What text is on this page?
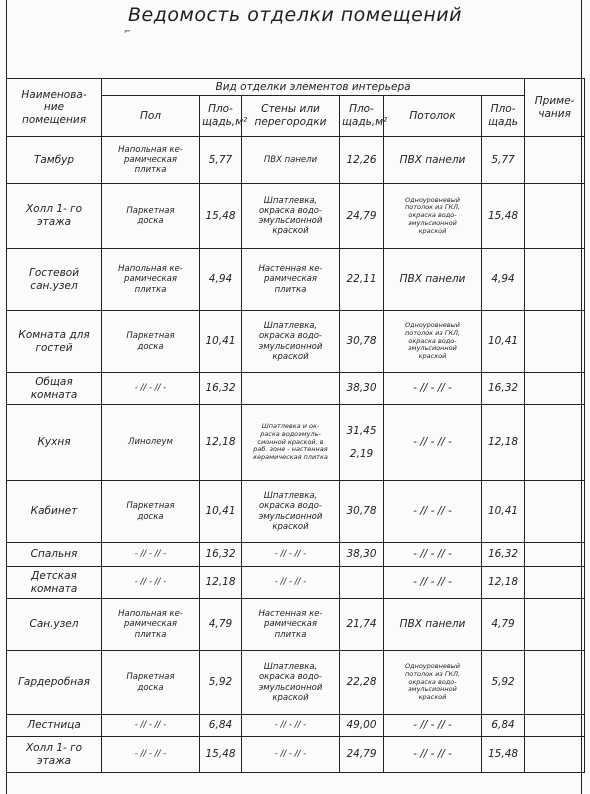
Ведомость отделки помещений
⌐
Наименова-
ние
помещения	Вид отделки элементов интерьера						Приме-
чания
	Пол	Пло-
щадь,м²	Стены или
перегородки	Пло-
щадь,м²	Потолок	Пло-
щадь	
Тамбур	Напольная ке-
рамическая
плитка	5,77	ПВХ панели	12,26	ПВХ панели	5,77	
Холл 1- го
этажа	Паркетная
доска	15,48	Шпатлевка,
окраска водо-
эмульсионной
краской	24,79	Одноуровневый
потолок из ГКЛ,
окраска водо-
эмульсионной
краской	15,48	
Гостевой
сан.узел	Напольная ке-
рамическая
плитка	4,94	Настенная ке-
рамическая
плитка	22,11	ПВХ панели	4,94	
Комната для
гостей	Паркетная
доска	10,41	Шпатлевка,
окраска водо-
эмульсионной
краской	30,78	Одноуровневый
потолок из ГКЛ,
окраска водо-
эмульсионной
краской	10,41	
Общая
комната	- // - // -	16,32		38,30	- // - // -	16,32	
Кухня	Линолеум	12,18	Шпатлевка и ок-
раска водоэмуль-
сионной краской, в
раб. зоне - настенная
керамическая плитка	31,45
2,19	- // - // -	12,18	
Кабинет	Паркетная
доска	10,41	Шпатлевка,
окраска водо-
эмульсионной
краской	30,78	- // - // -	10,41	
Спальня	- // - // -	16,32	- // - // -	38,30	- // - // -	16,32	
Детская
комната	- // - // -	12,18	- // - // -		- // - // -	12,18	
Сан.узел	Напольная ке-
рамическая
плитка	4,79	Настенная ке-
рамическая
плитка	21,74	ПВХ панели	4,79	
Гардеробная	Паркетная
доска	5,92	Шпатлевка,
окраска водо-
эмульсионной
краской	22,28	Одноуровневый
потолок из ГКЛ,
окраска водо-
эмульсионной
краской	5,92	
Лестница	- // - // -	6,84	- // - // -	49,00	- // - // -	6,84	
Холл 1- го
этажа	- // - // -	15,48	- // - // -	24,79	- // - // -	15,48	
